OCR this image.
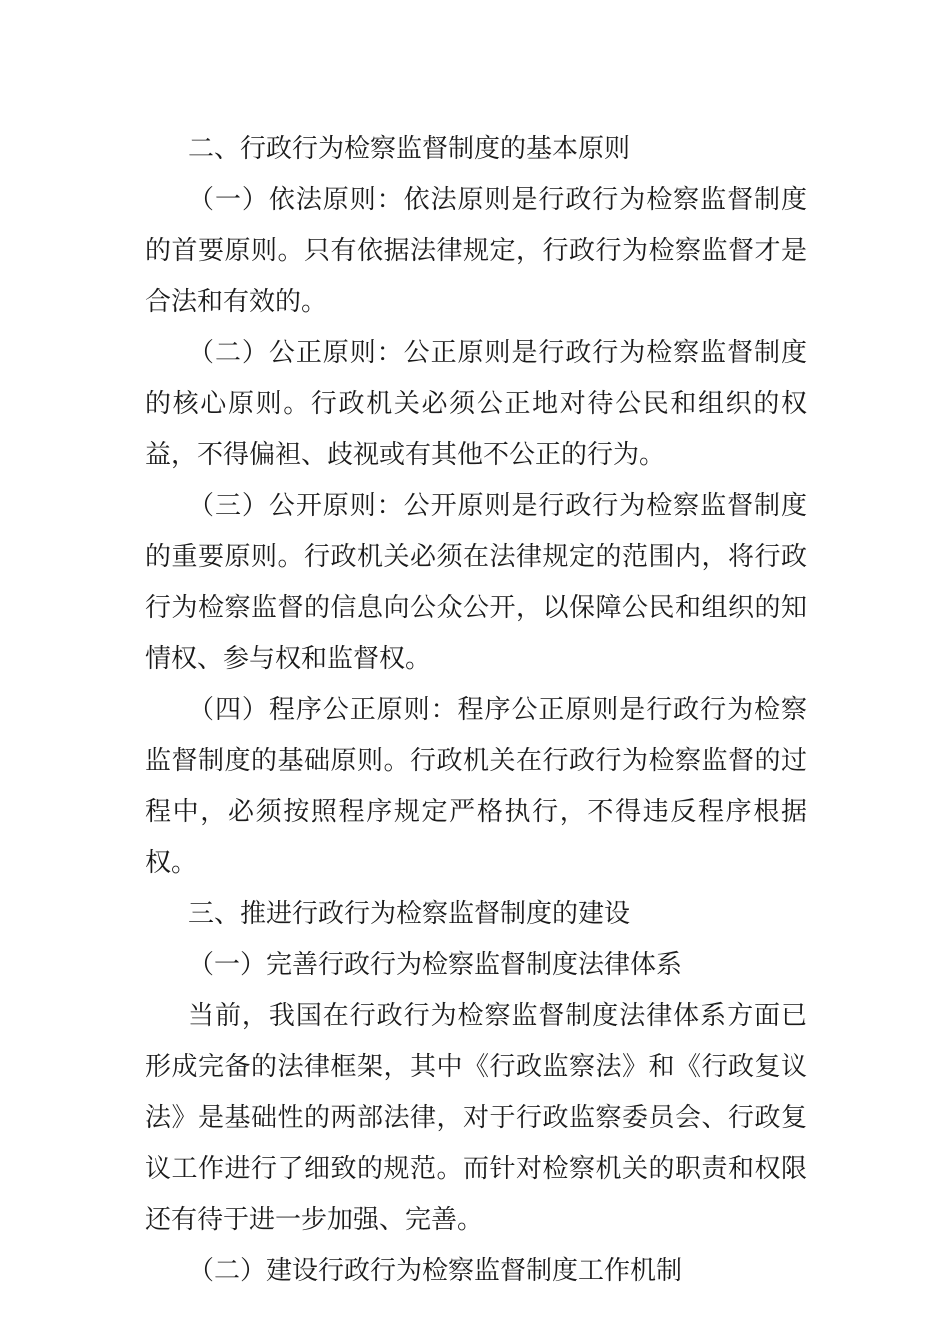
二、行政行为检察监督制度的基本原则

（一）依法原则：依法原则是行政行为检察监督制度的首要原则。只有依据法律规定，行政行为检察监督才是合法和有效的。

（二）公正原则：公正原则是行政行为检察监督制度的核心原则。行政机关必须公正地对待公民和组织的权益，不得偏袒、歧视或有其他不公正的行为。

（三）公开原则：公开原则是行政行为检察监督制度的重要原则。行政机关必须在法律规定的范围内，将行政行为检察监督的信息向公众公开，以保障公民和组织的知情权、参与权和监督权。

（四）程序公正原则：程序公正原则是行政行为检察监督制度的基础原则。行政机关在行政行为检察监督的过程中，必须按照程序规定严格执行，不得违反程序根据权。

三、推进行政行为检察监督制度的建设

（一）完善行政行为检察监督制度法律体系

当前，我国在行政行为检察监督制度法律体系方面已形成完备的法律框架，其中《行政监察法》和《行政复议法》是基础性的两部法律，对于行政监察委员会、行政复议工作进行了细致的规范。而针对检察机关的职责和权限还有待于进一步加强、完善。

（二）建设行政行为检察监督制度工作机制
